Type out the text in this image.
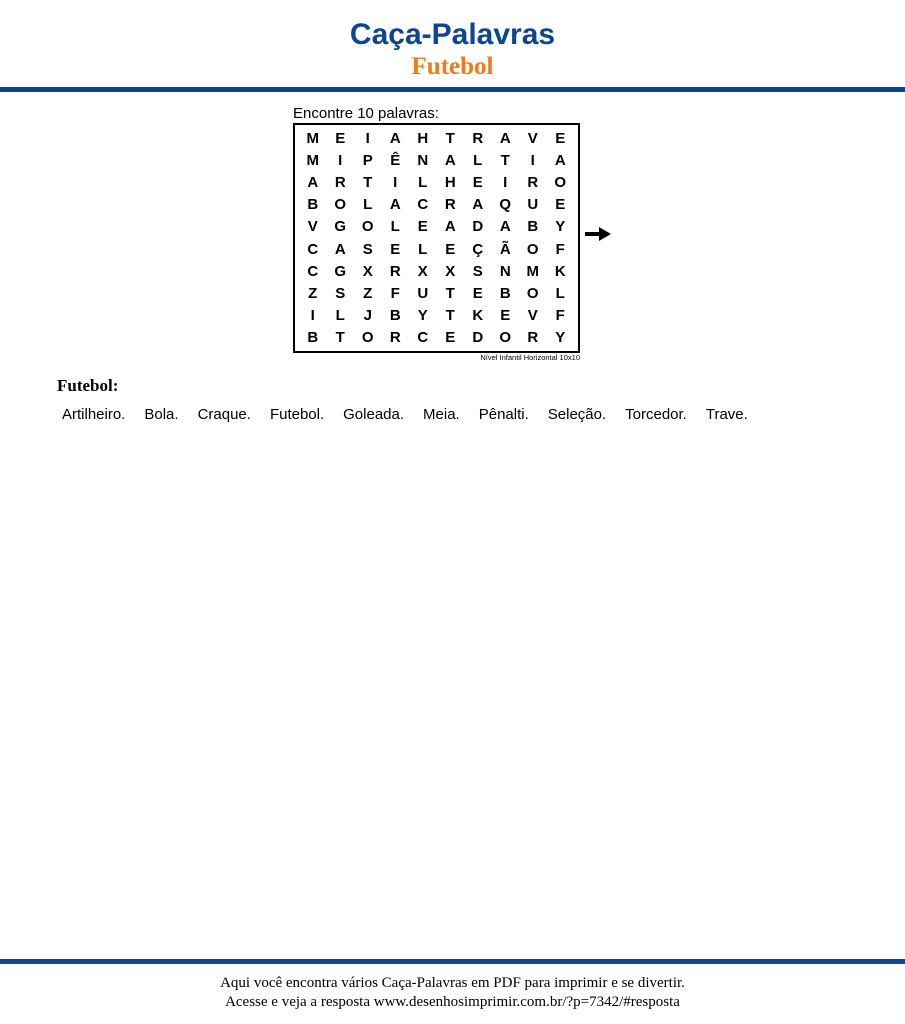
Caça-Palavras
Futebol
Encontre 10 palavras:
M	E	I	A	H	T	R	A	V	E
M	I	P	Ê	N	A	L	T	I	A
A	R	T	I	L	H	E	I	R	O
B	O	L	A	C	R	A	Q	U	E
V	G	O	L	E	A	D	A	B	Y
C	A	S	E	L	E	Ç	Ã	O	F
C	G	X	R	X	X	S	N	M	K
Z	S	Z	F	U	T	E	B	O	L
I	L	J	B	Y	T	K	E	V	F
B	T	O	R	C	E	D	O	R	Y
Nível Infantil Horizontal 10x10
Futebol:
Artilheiro. Bola. Craque. Futebol. Goleada. Meia. Pênalti. Seleção. Torcedor. Trave.
Aqui você encontra vários Caça-Palavras em PDF para imprimir e se divertir.
Acesse e veja a resposta www.desenhosimprimir.com.br/?p=7342/#resposta
